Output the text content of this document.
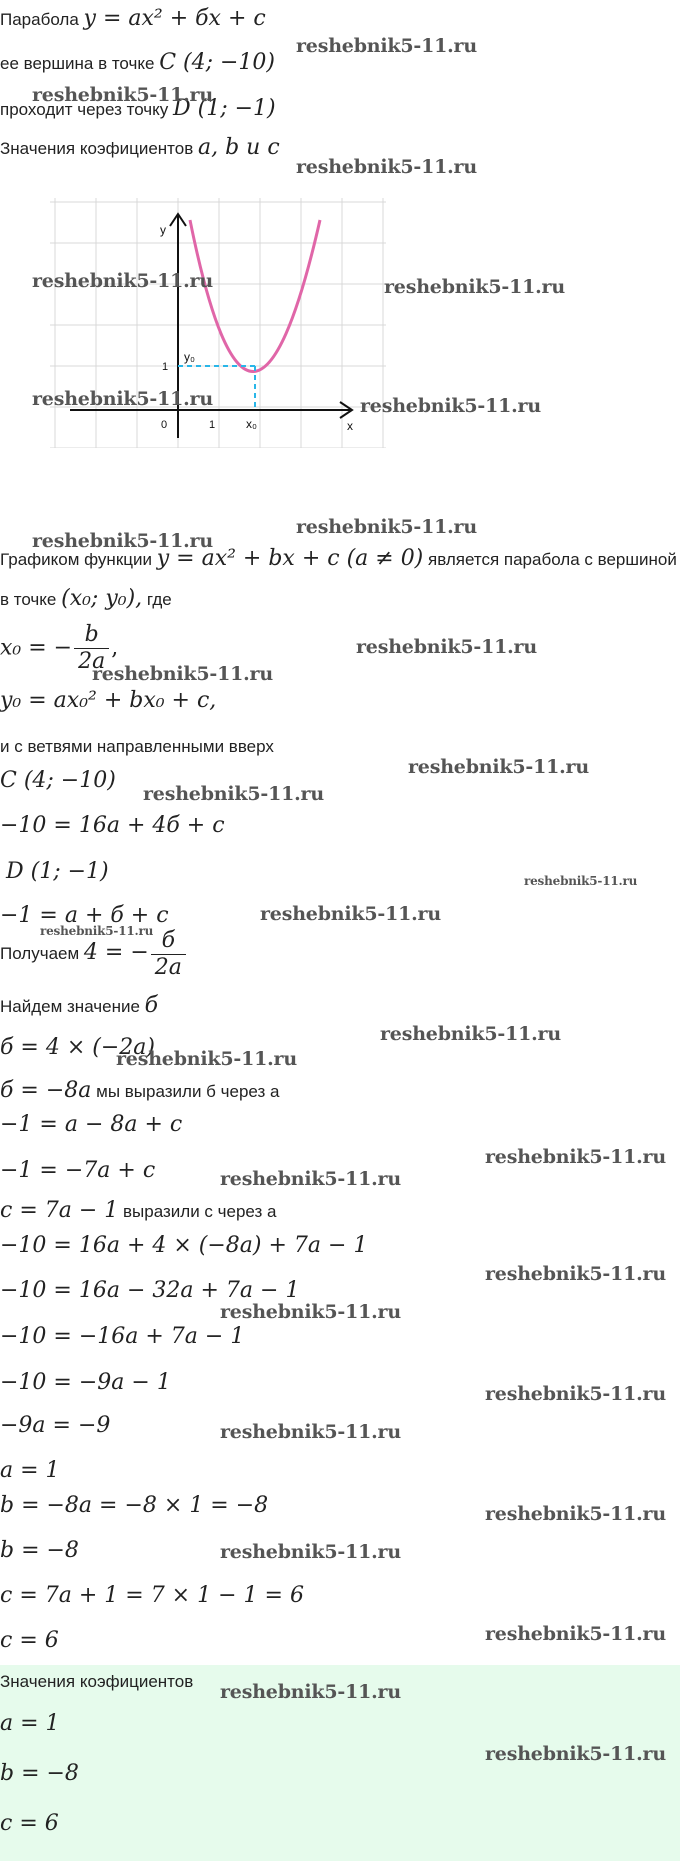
Парабола y = ax² + бx + c
ее вершина в точке C (4; −10)
проходит через точку D (1; −1)
Значения коэфициентов a, b и c
y
y₀
1
0	1	x₀	x
Графиком функции y = ax² + bx + c (a ≠ 0) является парабола с вершиной
в точке (x₀; y₀), где
x₀ = − $\frac{b}{2a}$ ,
y₀ = ax₀² + bx₀ + c,
и с ветвями направленными вверх
C (4; −10)
−10 = 16a + 4б + c
D (1; −1)
−1 = a + б + c
Получаем 4 = − $\frac{б}{2a}$
Найдем значение б
б = 4 × (−2a)
б = −8a мы выразили б через а
−1 = a − 8a + c
−1 = −7a + c
c = 7a − 1 выразили с через а
−10 = 16a + 4 × (−8a) + 7a − 1
−10 = 16a − 32a + 7a − 1
−10 = −16a + 7a − 1
−10 = −9a − 1
−9a = −9
a = 1
b = −8a = −8 × 1 = −8
b = −8
c = 7a + 1 = 7 × 1 − 1 = 6
c = 6
Значения коэфициентов
a = 1
b = −8
c = 6
reshebnik5-11.ru
reshebnik5-11.ru
reshebnik5-11.ru
reshebnik5-11.ru	reshebnik5-11.ru
reshebnik5-11.ru	reshebnik5-11.ru
reshebnik5-11.ru
reshebnik5-11.ru
reshebnik5-11.ru
reshebnik5-11.ru
reshebnik5-11.ru
reshebnik5-11.ru
reshebnik5-11.ru
reshebnik5-11.ru
reshebnik5-11.ru
reshebnik5-11.ru
reshebnik5-11.ru
reshebnik5-11.ru
reshebnik5-11.ru
reshebnik5-11.ru
reshebnik5-11.ru
reshebnik5-11.ru
reshebnik5-11.ru
reshebnik5-11.ru
reshebnik5-11.ru
reshebnik5-11.ru
reshebnik5-11.ru
reshebnik5-11.ru
